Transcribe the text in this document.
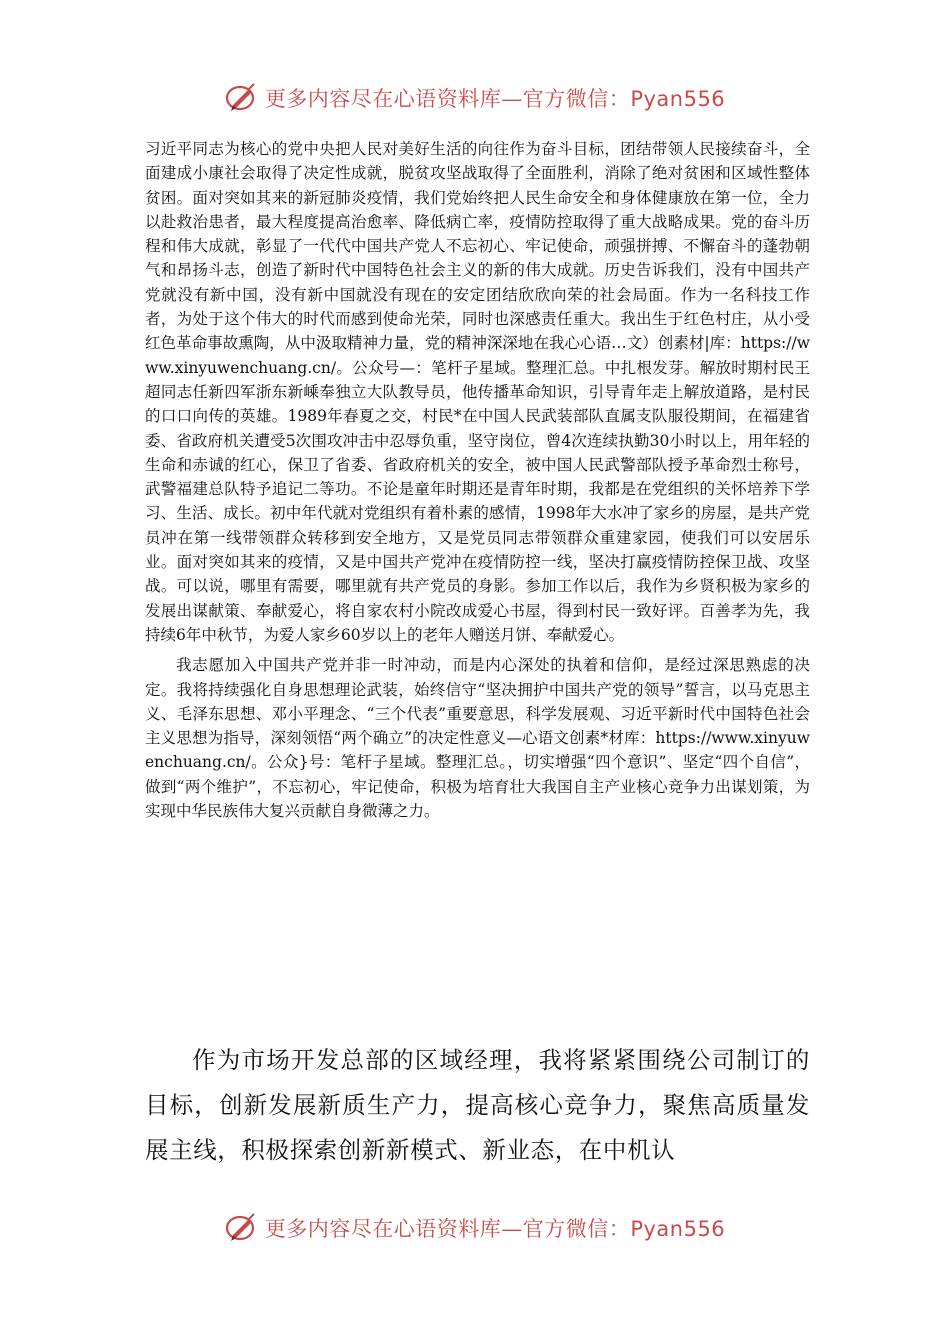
更多内容尽在心语资料库—官方微信：Pyan556

习近平同志为核心的党中央把人民对美好生活的向往作为奋斗目标，团结带领人民接续奋斗，全面建成小康社会取得了决定性成就，脱贫攻坚战取得了全面胜利，消除了绝对贫困和区域性整体贫困。面对突如其来的新冠肺炎疫情，我们党始终把人民生命安全和身体健康放在第一位，全力以赴救治患者，最大程度提高治愈率、降低病亡率，疫情防控取得了重大战略成果。党的奋斗历程和伟大成就，彰显了一代代中国共产党人不忘初心、牢记使命，顽强拼搏、不懈奋斗的蓬勃朝气和昂扬斗志，创造了新时代中国特色社会主义的新的伟大成就。历史告诉我们，没有中国共产党就没有新中国，没有新中国就没有现在的安定团结欣欣向荣的社会局面。作为一名科技工作者，为处于这个伟大的时代而感到使命光荣，同时也深感责任重大。我出生于红色村庄，从小受红色革命事故熏陶，从中汲取精神力量，党的精神深深地在我心心语…文）创素材|库：https://www.xinyuwenchuang.cn/。公众号—：笔杆子星域。整理汇总。中扎根发芽。解放时期村民王超同志任新四军浙东新嵊奉独立大队教导员，他传播革命知识，引导青年走上解放道路，是村民的口口向传的英雄。1989年春夏之交，村民*在中国人民武装部队直属支队服役期间，在福建省委、省政府机关遭受5次围攻冲击中忍辱负重，坚守岗位，曾4次连续执勤30小时以上，用年轻的生命和赤诚的红心，保卫了省委、省政府机关的安全，被中国人民武警部队授予革命烈士称号，武警福建总队特予追记二等功。不论是童年时期还是青年时期，我都是在党组织的关怀培养下学习、生活、成长。初中年代就对党组织有着朴素的感情，1998年大水冲了家乡的房屋，是共产党员冲在第一线带领群众转移到安全地方，又是党员同志带领群众重建家园，使我们可以安居乐业。面对突如其来的疫情，又是中国共产党冲在疫情防控一线，坚决打赢疫情防控保卫战、攻坚战。可以说，哪里有需要，哪里就有共产党员的身影。参加工作以后，我作为乡贤积极为家乡的发展出谋献策、奉献爱心，将自家农村小院改成爱心书屋，得到村民一致好评。百善孝为先，我持续6年中秋节，为爱人家乡60岁以上的老年人赠送月饼、奉献爱心。

我志愿加入中国共产党并非一时冲动，而是内心深处的执着和信仰，是经过深思熟虑的决定。我将持续强化自身思想理论武装，始终信守“坚决拥护中国共产党的领导”誓言，以马克思主义、毛泽东思想、邓小平理念、“三个代表”重要意思，科学发展观、习近平新时代中国特色社会主义思想为指导，深刻领悟“两个确立”的决定性意义—心语文创素*材库：https://www.xinyuwenchuang.cn/。公众}号：笔杆子星域。整理汇总。，切实增强“四个意识”、坚定“四个自信”，做到“两个维护”，不忘初心，牢记使命，积极为培育壮大我国自主产业核心竞争力出谋划策，为实现中华民族伟大复兴贡献自身微薄之力。

作为市场开发总部的区域经理，我将紧紧围绕公司制订的目标，创新发展新质生产力，提高核心竞争力，聚焦高质量发展主线，积极探索创新新模式、新业态，在中机认

更多内容尽在心语资料库—官方微信：Pyan556
